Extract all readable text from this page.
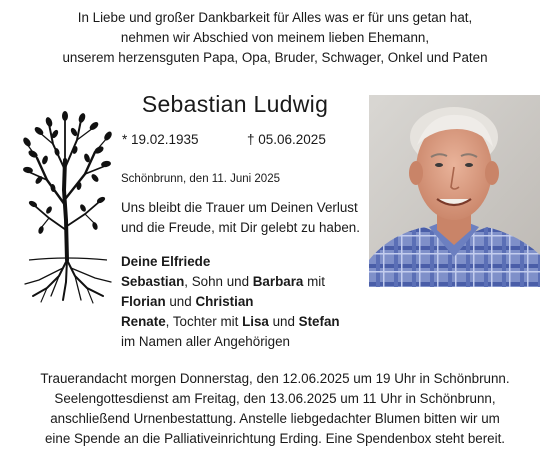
In Liebe und großer Dankbarkeit für Alles was er für uns getan hat,
nehmen wir Abschied von meinem lieben Ehemann,
unserem herzensguten Papa, Opa, Bruder, Schwager, Onkel und Paten
Sebastian Ludwig
* 19.02.1935	† 05.06.2025
Schönbrunn, den 11. Juni 2025
Uns bleibt die Trauer um Deinen Verlust
und die Freude, mit Dir gelebt zu haben.
Deine Elfriede
Sebastian, Sohn und Barbara mit
Florian und Christian
Renate, Tochter mit Lisa und Stefan
im Namen aller Angehörigen
Trauerandacht morgen Donnerstag, den 12.06.2025 um 19 Uhr in Schönbrunn.
Seelengottesdienst am Freitag, den 13.06.2025 um 11 Uhr in Schönbrunn,
anschließend Urnenbestattung. Anstelle liebgedachter Blumen bitten wir um
eine Spende an die Palliativeinrichtung Erding. Eine Spendenbox steht bereit.
